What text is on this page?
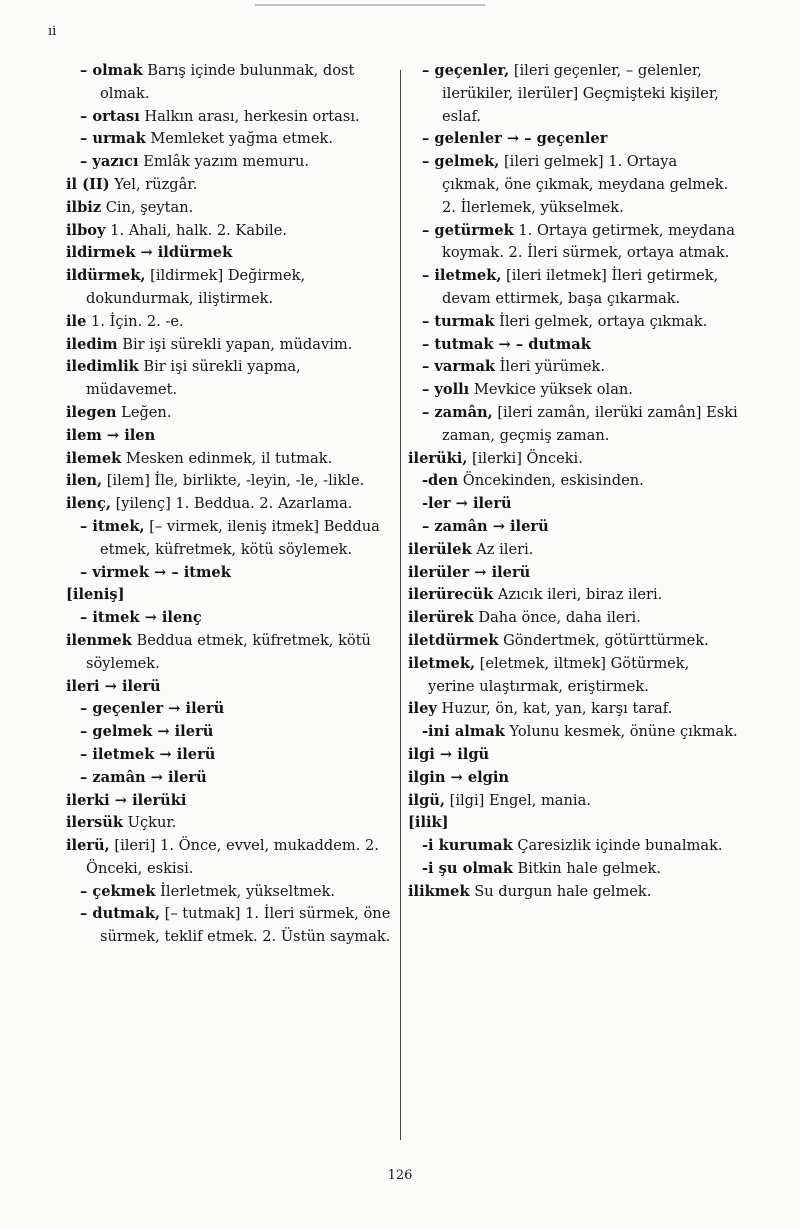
ıi

– olmak Barış içinde bulunmak, dost olmak.

– ortası Halkın arası, herkesin ortası.

– urmak Memleket yağma etmek.

– yazıcı Emlâk yazım memuru.

il (II) Yel, rüzgâr.

ilbiz Cin, şeytan.

ilboy 1. Ahali, halk. 2. Kabile.

ildirmek → ildürmek

ildürmek, [ildirmek] Değirmek, dokundurmak, iliştirmek.

ile 1. İçin. 2. -e.

iledim Bir işi sürekli yapan, müdavim.

iledimlik Bir işi sürekli yapma, müdavemet.

ilegen Leğen.

ilem → ilen

ilemek Mesken edinmek, il tutmak.

ilen, [ilem] İle, birlikte, -leyin, -le, -likle.

ilenç, [yilenç] 1. Beddua. 2. Azarlama.

– itmek, [– virmek, ileniş itmek] Beddua etmek, küfretmek, kötü söylemek.

– virmek → – itmek

[ileniş]

– itmek → ilenç

ilenmek Beddua etmek, küfretmek, kötü söylemek.

ileri → ilerü

– geçenler → ilerü

– gelmek → ilerü

– iletmek → ilerü

– zamân → ilerü

ilerki → ilerüki

ilersük Uçkur.

ilerü, [ileri] 1. Önce, evvel, mukaddem. 2. Önceki, eskisi.

– çekmek İlerletmek, yükseltmek.

– dutmak, [– tutmak] 1. İleri sürmek, öne sürmek, teklif etmek. 2. Üstün saymak.

– geçenler, [ileri geçenler, – gelenler, ilerükiler, ilerüler] Geçmişteki kişiler, eslaf.

– gelenler → – geçenler

– gelmek, [ileri gelmek] 1. Ortaya çıkmak, öne çıkmak, meydana gelmek. 2. İlerlemek, yükselmek.

– getürmek 1. Ortaya getirmek, meydana koymak. 2. İleri sürmek, ortaya atmak.

– iletmek, [ileri iletmek] İleri getirmek, devam ettirmek, başa çıkarmak.

– turmak İleri gelmek, ortaya çıkmak.

– tutmak → – dutmak

– varmak İleri yürümek.

– yollı Mevkice yüksek olan.

– zamân, [ileri zamân, ilerüki zamân] Eski zaman, geçmiş zaman.

ilerüki, [ilerki] Önceki.

-den Öncekinden, eskisinden.

-ler → ilerü

– zamân → ilerü

ilerülek Az ileri.

ilerüler → ilerü

ilerürecük Azıcık ileri, biraz ileri.

ilerürek Daha önce, daha ileri.

iletdürmek Göndertmek, götürttürmek.

iletmek, [eletmek, iltmek] Götürmek, yerine ulaştırmak, eriştirmek.

iley Huzur, ön, kat, yan, karşı taraf.

-ini almak Yolunu kesmek, önüne çıkmak.

ilgi → ilgü

ilgin → elgin

ilgü, [ilgi] Engel, mania.

[ilik]

-i kurumak Çaresizlik içinde bunalmak.

-i şu olmak Bitkin hale gelmek.

ilikmek Su durgun hale gelmek.

126
